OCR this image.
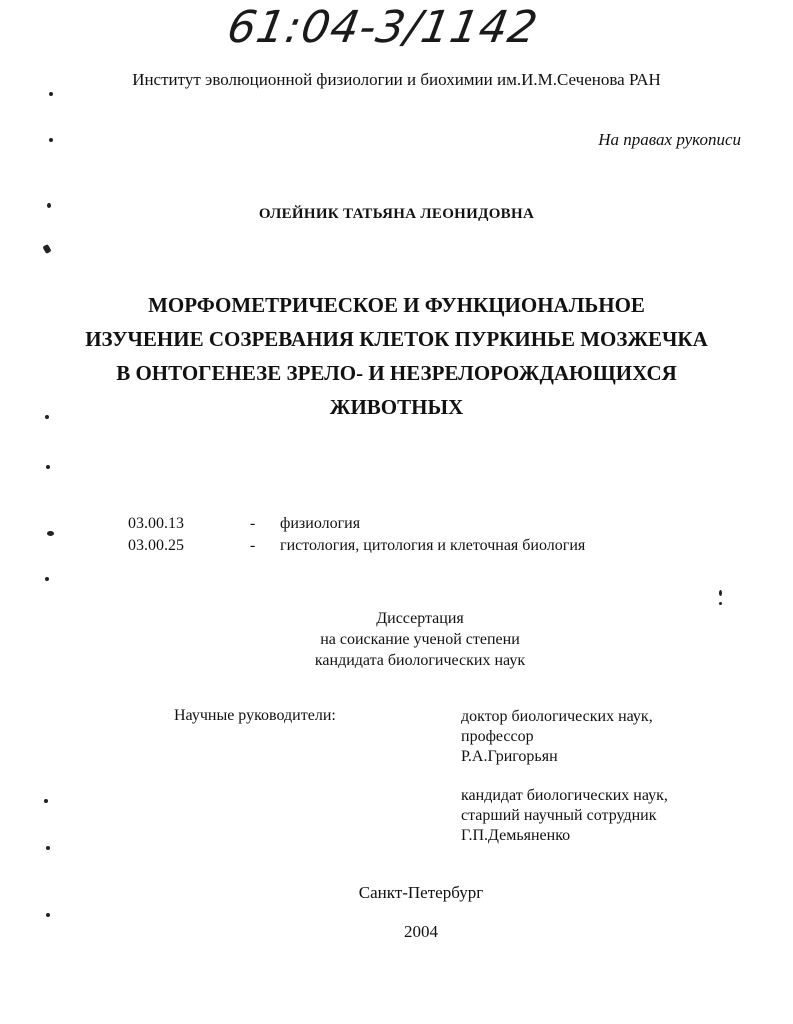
61:04-3/1142
Институт эволюционной физиологии и биохимии им.И.М.Сеченова РАН
На правах рукописи
ОЛЕЙНИК ТАТЬЯНА ЛЕОНИДОВНА
МОРФОМЕТРИЧЕСКОЕ И ФУНКЦИОНАЛЬНОЕ
ИЗУЧЕНИЕ СОЗРЕВАНИЯ КЛЕТОК ПУРКИНЬЕ МОЗЖЕЧКА
В ОНТОГЕНЕЗЕ ЗРЕЛО- И НЕЗРЕЛОРОЖДАЮЩИХСЯ
ЖИВОТНЫХ
03.00.13	- физиология
03.00.25	- гистология, цитология и клеточная биология
Диссертация
на соискание ученой степени
кандидата биологических наук
Научные руководители:	доктор биологических наук,
профессор
Р.А.Григорьян
кандидат биологических наук,
старший научный сотрудник
Г.П.Демьяненко
Санкт-Петербург
2004
